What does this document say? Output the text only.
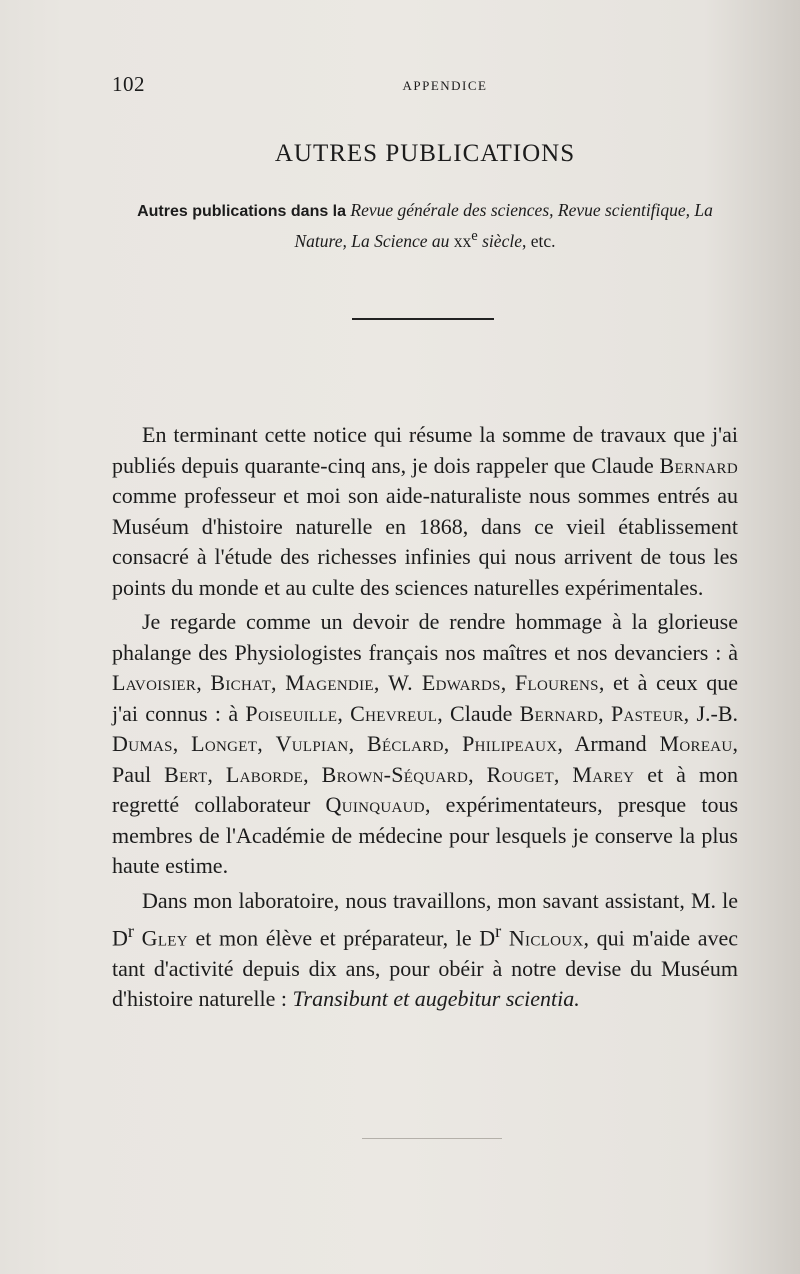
102	APPENDICE
AUTRES PUBLICATIONS
Autres publications dans la Revue générale des sciences, Revue scientifique, La Nature, La Science au $xx^e$ siècle, etc.

En terminant cette notice qui résume la somme de travaux que j'ai publiés depuis quarante-cinq ans, je dois rappeler que Claude Bernard comme professeur et moi son aide-naturaliste nous sommes entrés au Muséum d'histoire naturelle en 1868, dans ce vieil établissement consacré à l'étude des richesses infinies qui nous arrivent de tous les points du monde et au culte des sciences naturelles expérimentales.

Je regarde comme un devoir de rendre hommage à la glorieuse phalange des Physiologistes français nos maîtres et nos devanciers : à Lavoisier, Bichat, Magendie, W. Edwards, Flourens, et à ceux que j'ai connus : à Poiseuille, Chevreul, Claude Bernard, Pasteur, J.-B. Dumas, Longet, Vulpian, Béclard, Philipeaux, Armand Moreau, Paul Bert, Laborde, Brown-Séquard, Rouget, Marey et à mon regretté collaborateur Quinquaud, expérimentateurs, presque tous membres de l'Académie de médecine pour lesquels je conserve la plus haute estime.

Dans mon laboratoire, nous travaillons, mon savant assistant, M. le $D^r$ Gley et mon élève et préparateur, le $D^r$ Nicloux, qui m'aide avec tant d'activité depuis dix ans, pour obéir à notre devise du Muséum d'histoire naturelle : Transibunt et augebitur scientia.
